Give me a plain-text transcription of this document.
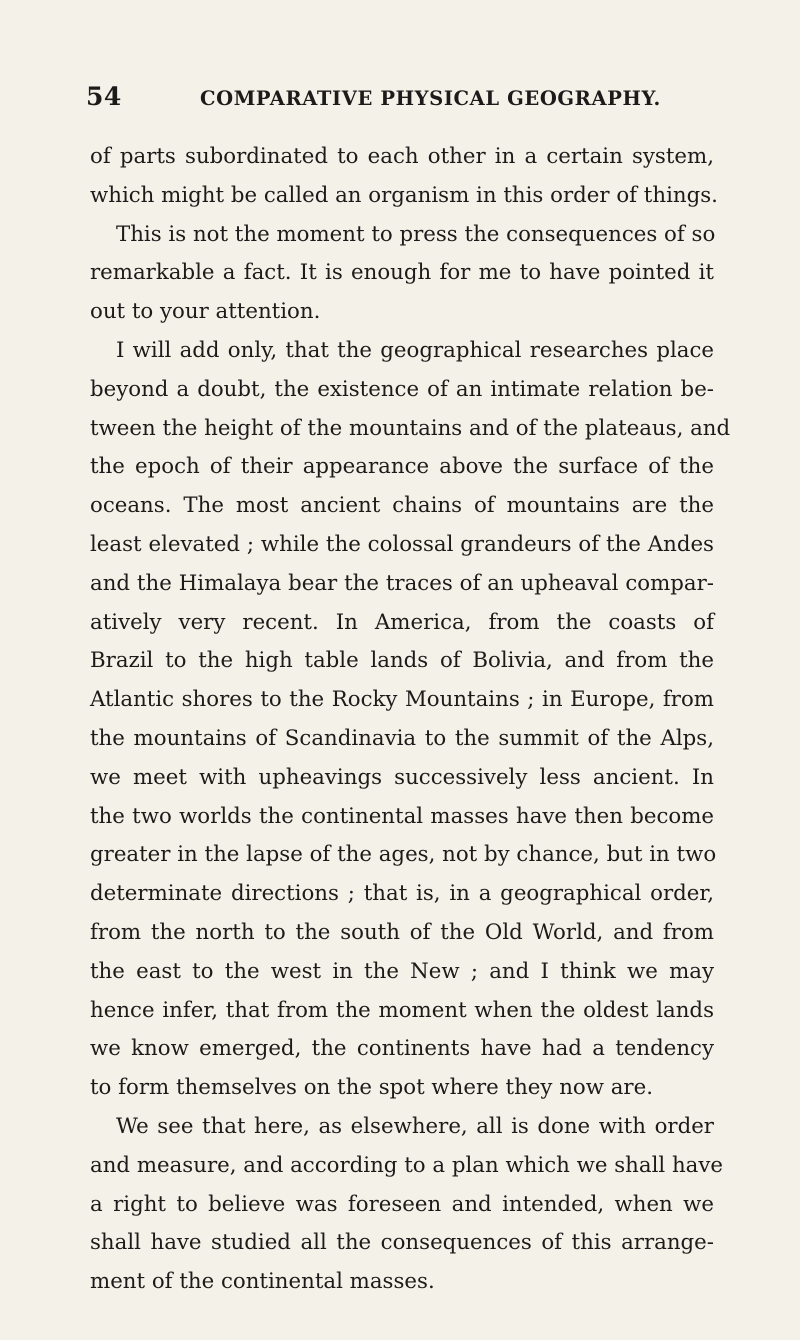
54	COMPARATIVE PHYSICAL GEOGRAPHY.
of parts subordinated to each other in a certain system,
which might be called an organism in this order of things.
This is not the moment to press the consequences of so
remarkable a fact. It is enough for me to have pointed it
out to your attention.
I will add only, that the geographical researches place
beyond a doubt, the existence of an intimate relation be-
tween the height of the mountains and of the plateaus, and
the epoch of their appearance above the surface of the
oceans. The most ancient chains of mountains are the
least elevated ; while the colossal grandeurs of the Andes
and the Himalaya bear the traces of an upheaval compar-
atively very recent. In America, from the coasts of
Brazil to the high table lands of Bolivia, and from the
Atlantic shores to the Rocky Mountains ; in Europe, from
the mountains of Scandinavia to the summit of the Alps,
we meet with upheavings successively less ancient. In
the two worlds the continental masses have then become
greater in the lapse of the ages, not by chance, but in two
determinate directions ; that is, in a geographical order,
from the north to the south of the Old World, and from
the east to the west in the New ; and I think we may
hence infer, that from the moment when the oldest lands
we know emerged, the continents have had a tendency
to form themselves on the spot where they now are.
We see that here, as elsewhere, all is done with order
and measure, and according to a plan which we shall have
a right to believe was foreseen and intended, when we
shall have studied all the consequences of this arrange-
ment of the continental masses.
